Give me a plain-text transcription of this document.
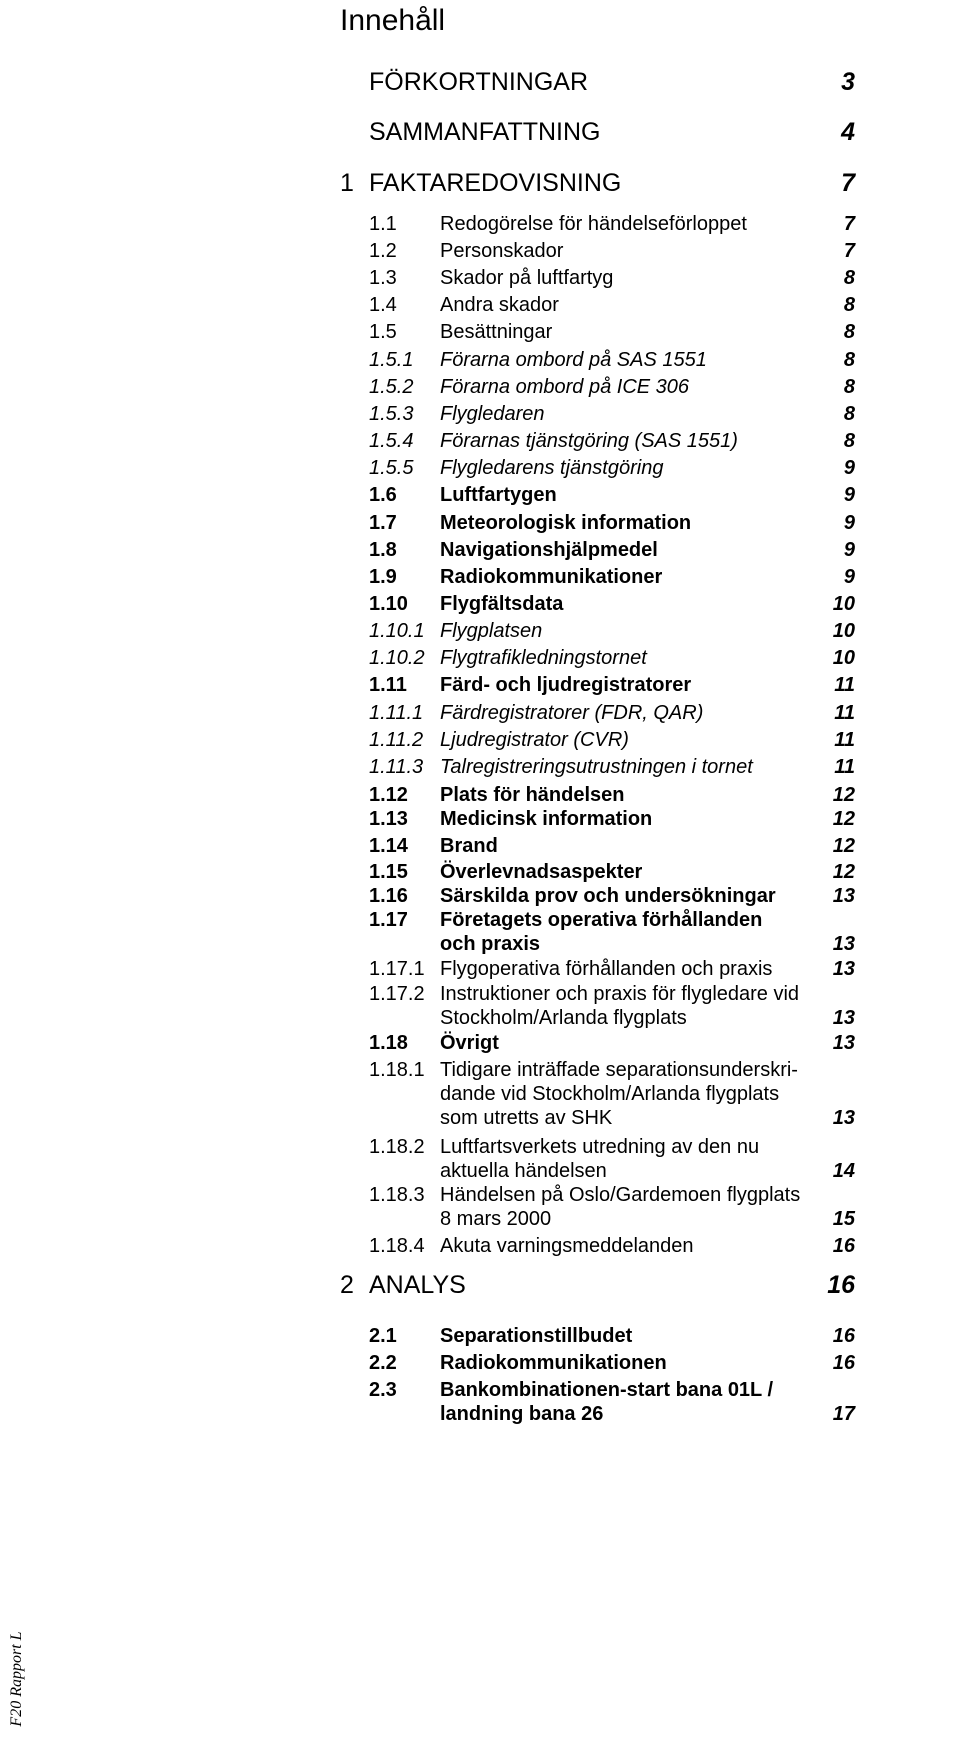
Innehåll
FÖRKORTNINGAR	3
SAMMANFATTNING	4
1 FAKTAREDOVISNING	7
1.1 Redogörelse för händelseförloppet	7
1.2 Personskador	7
1.3 Skador på luftfartyg	8
1.4 Andra skador	8
1.5 Besättningar	8
1.5.1 Förarna ombord på SAS 1551	8
1.5.2 Förarna ombord på ICE 306	8
1.5.3 Flygledaren	8
1.5.4 Förarnas tjänstgöring (SAS 1551)	8
1.5.5 Flygledarens tjänstgöring	9
1.6 Luftfartygen	9
1.7 Meteorologisk information	9
1.8 Navigationshjälpmedel	9
1.9 Radiokommunikationer	9
1.10 Flygfältsdata	10
1.10.1 Flygplatsen	10
1.10.2 Flygtrafikledningstornet	10
1.11 Färd- och ljudregistratorer	11
1.11.1 Färdregistratorer (FDR, QAR)	11
1.11.2 Ljudregistrator (CVR)	11
1.11.3 Talregistreringsutrustningen i tornet	11
1.12 Plats för händelsen	12
1.13 Medicinsk information	12
1.14 Brand	12
1.15 Överlevnadsaspekter	12
1.16 Särskilda prov och undersökningar	13
1.17 Företagets operativa förhållanden
och praxis	13
1.17.1 Flygoperativa förhållanden och praxis	13
1.17.2 Instruktioner och praxis för flygledare vid
Stockholm/Arlanda flygplats	13
1.18 Övrigt	13
1.18.1 Tidigare inträffade separationsunderskri-
dande vid Stockholm/Arlanda flygplats
som utretts av SHK	13
1.18.2 Luftfartsverkets utredning av den nu
aktuella händelsen	14
1.18.3 Händelsen på Oslo/Gardemoen flygplats
8 mars 2000	15
1.18.4 Akuta varningsmeddelanden	16
2 ANALYS	16
2.1 Separationstillbudet	16
2.2 Radiokommunikationen	16
2.3 Bankombinationen-start bana 01L /
landning bana 26	17
F20 Rapport L
